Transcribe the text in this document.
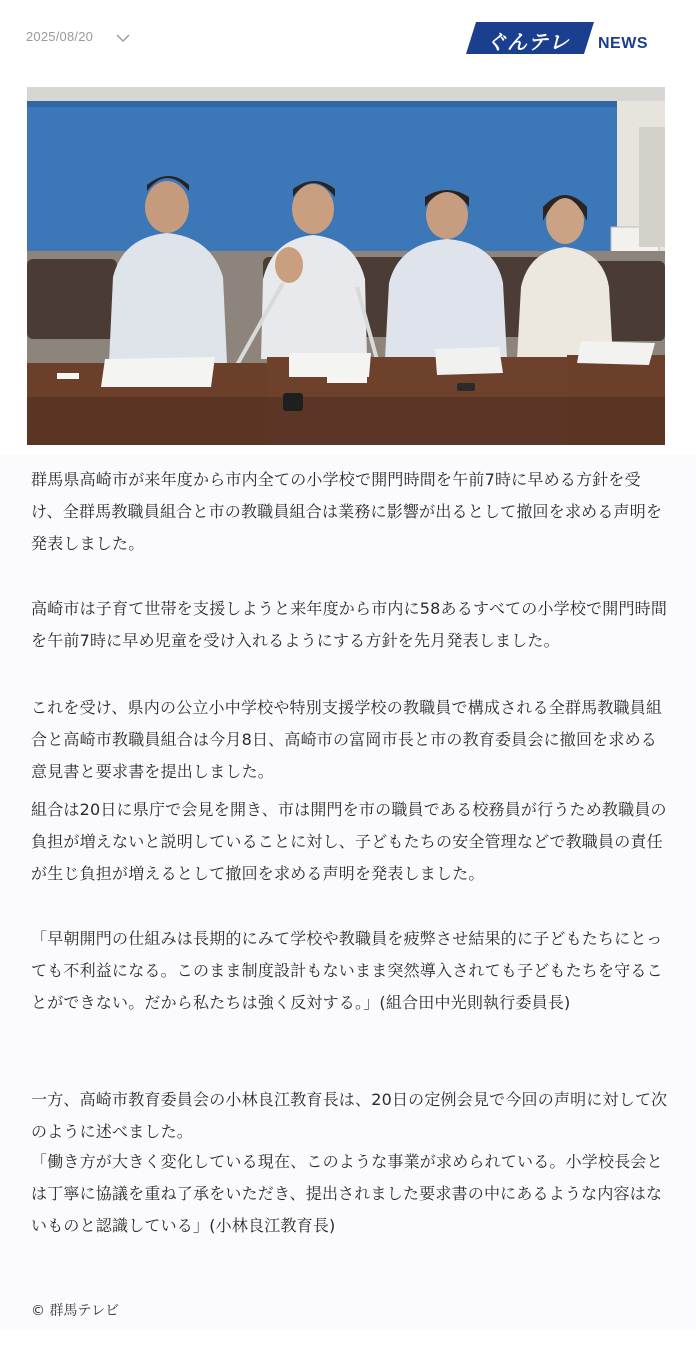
2025/08/20	ぐんテレ NEWS

群馬県高崎市が来年度から市内全ての小学校で開門時間を午前7時に早める方針を受け、全群馬教職員組合と市の教職員組合は業務に影響が出るとして撤回を求める声明を発表しました。

高崎市は子育て世帯を支援しようと来年度から市内に58あるすべての小学校で開門時間を午前7時に早め児童を受け入れるようにする方針を先月発表しました。

これを受け、県内の公立小中学校や特別支援学校の教職員で構成される全群馬教職員組合と高崎市教職員組合は今月8日、高崎市の富岡市長と市の教育委員会に撤回を求める意見書と要求書を提出しました。

組合は20日に県庁で会見を開き、市は開門を市の職員である校務員が行うため教職員の負担が増えないと説明していることに対し、子どもたちの安全管理などで教職員の責任が生じ負担が増えるとして撤回を求める声明を発表しました。

「早朝開門の仕組みは長期的にみて学校や教職員を疲弊させ結果的に子どもたちにとっても不利益になる。このまま制度設計もないまま突然導入されても子どもたちを守ることができない。だから私たちは強く反対する。」(組合田中光則執行委員長)

一方、高崎市教育委員会の小林良江教育長は、20日の定例会見で今回の声明に対して次のように述べました。

「働き方が大きく変化している現在、このような事業が求められている。小学校長会とは丁寧に協議を重ね了承をいただき、提出されました要求書の中にあるような内容はないものと認識している」(小林良江教育長)

© 群馬テレビ
